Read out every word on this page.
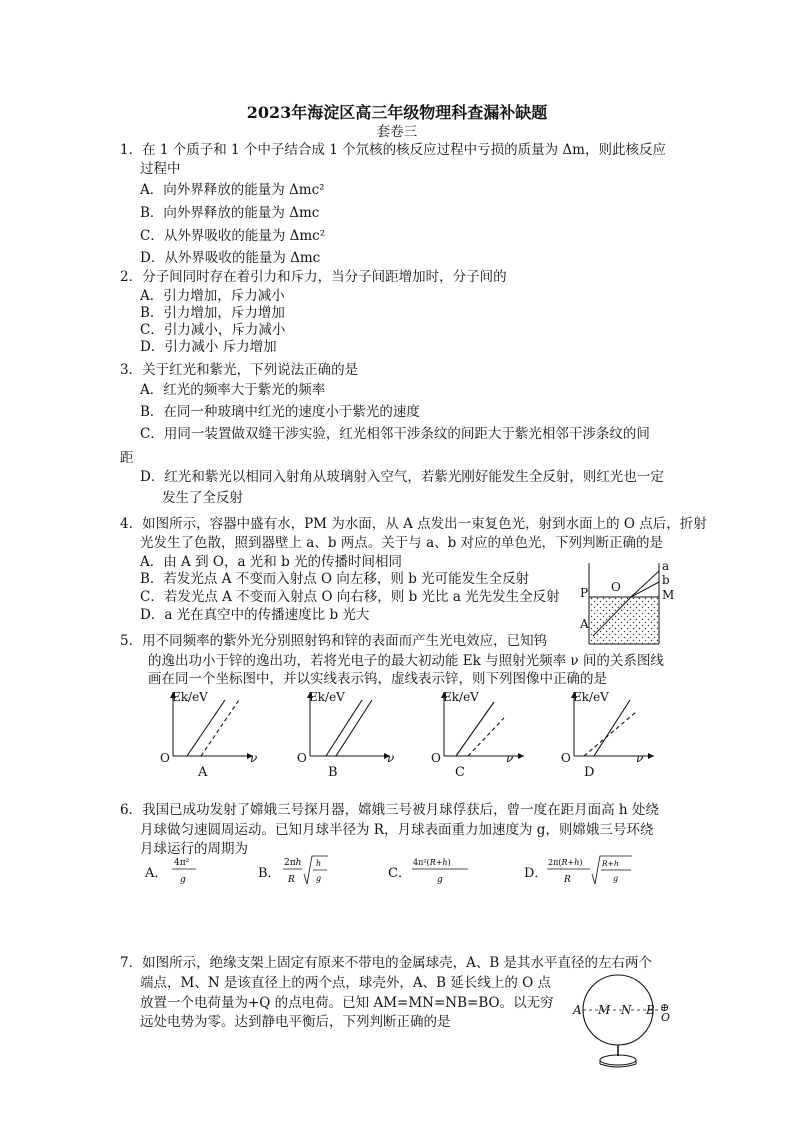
2023年海淀区高三年级物理科查漏补缺题
套卷三
1．在 1 个质子和 1 个中子结合成 1 个氘核的核反应过程中亏损的质量为 Δm，则此核反应
过程中
A．向外界释放的能量为 Δmc²
B．向外界释放的能量为 Δmc
C．从外界吸收的能量为 Δmc²
D．从外界吸收的能量为 Δmc
2．分子间同时存在着引力和斥力，当分子间距增加时，分子间的
A．引力增加，斥力减小
B．引力增加，斥力增加
C．引力减小，斥力减小
D．引力减小 斥力增加
3．关于红光和紫光，下列说法正确的是
A．红光的频率大于紫光的频率
B．在同一种玻璃中红光的速度小于紫光的速度
C．用同一装置做双缝干涉实验，红光相邻干涉条纹的间距大于紫光相邻干涉条纹的间
距
D．红光和紫光以相同入射角从玻璃射入空气，若紫光刚好能发生全反射，则红光也一定
发生了全反射
4．如图所示，容器中盛有水，PM 为水面，从 A 点发出一束复色光，射到水面上的 O 点后，折射
光发生了色散，照到器壁上 a、b 两点。关于与 a、b 对应的单色光，下列判断正确的是
A．由 A 到 O，a 光和 b 光的传播时间相同
B．若发光点 A 不变而入射点 O 向左移，则 b 光可能发生全反射
C．若发光点 A 不变而入射点 O 向右移，则 b 光比 a 光先发生全反射
D．a 光在真空中的传播速度比 b 光大
a
b
M
P O
A
5．用不同频率的紫外光分别照射钨和锌的表面而产生光电效应，已知钨
的逸出功小于锌的逸出功，若将光电子的最大初动能 Ek 与照射光频率 ν 间的关系图线
画在同一个坐标图中，并以实线表示钨，虚线表示锌，则下列图像中正确的是
Ek/eV	Ek/eV	Ek/eV	Ek/eV
O	O	O	O
ν	ν	ν	ν
A	B	C	D
6．我国已成功发射了嫦娥三号探月器，嫦娥三号被月球俘获后，曾一度在距月面高 h 处绕
月球做匀速圆周运动。已知月球半径为 R，月球表面重力加速度为 g，则嫦娥三号环绕
月球运行的周期为
A．
4π²
g	B．
2πh
R
h
g	C．
4π²(R+h)
g	D．
2π(R+h)
R
R+h
g
7．如图所示，绝缘支架上固定有原来不带电的金属球壳，A、B 是其水平直径的左右两个
端点，M、N 是该直径上的两个点，球壳外，A、B 延长线上的 O 点
放置一个电荷量为+Q 的点电荷。已知 AM=MN=NB=BO。以无穷
远处电势为零。达到静电平衡后，下列判断正确的是
A M N B ⊕
O
